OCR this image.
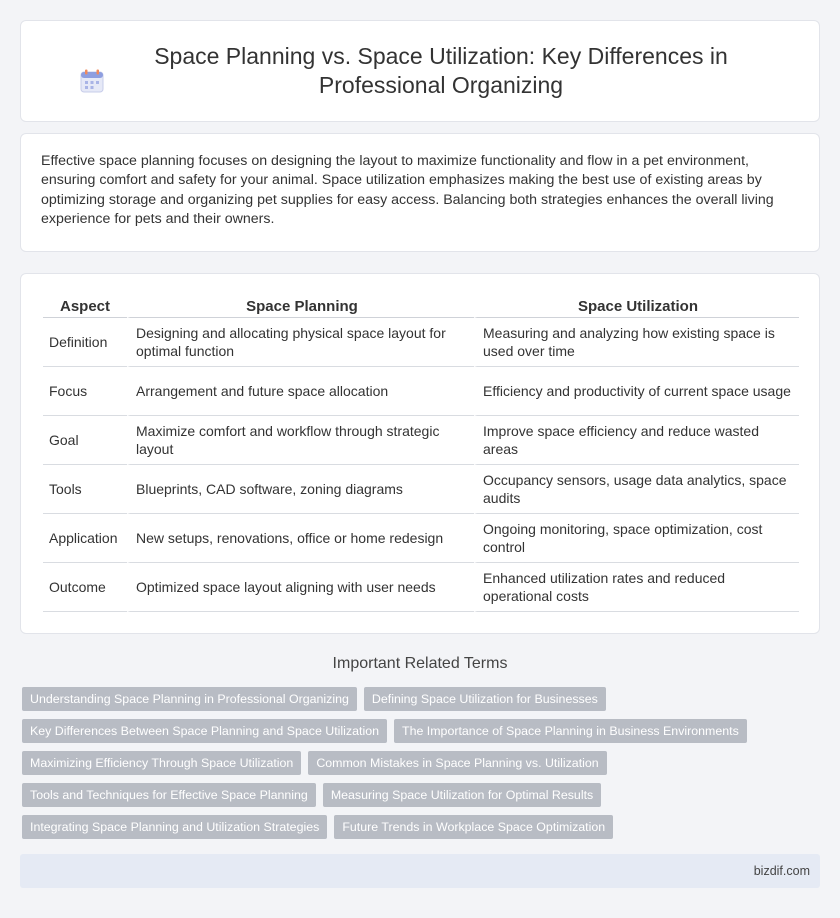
Space Planning vs. Space Utilization: Key Differences in Professional Organizing

Effective space planning focuses on designing the layout to maximize functionality and flow in a pet environment, ensuring comfort and safety for your animal. Space utilization emphasizes making the best use of existing areas by optimizing storage and organizing pet supplies for easy access. Balancing both strategies enhances the overall living experience for pets and their owners.

Aspect	Space Planning	Space Utilization
Definition	Designing and allocating physical space layout for optimal function	Measuring and analyzing how existing space is used over time
Focus	Arrangement and future space allocation	Efficiency and productivity of current space usage
Goal	Maximize comfort and workflow through strategic layout	Improve space efficiency and reduce wasted areas
Tools	Blueprints, CAD software, zoning diagrams	Occupancy sensors, usage data analytics, space audits
Application	New setups, renovations, office or home redesign	Ongoing monitoring, space optimization, cost control
Outcome	Optimized space layout aligning with user needs	Enhanced utilization rates and reduced operational costs
Important Related Terms
Understanding Space Planning in Professional Organizing	Defining Space Utilization for Businesses
Key Differences Between Space Planning and Space Utilization	The Importance of Space Planning in Business Environments
Maximizing Efficiency Through Space Utilization	Common Mistakes in Space Planning vs. Utilization
Tools and Techniques for Effective Space Planning	Measuring Space Utilization for Optimal Results
Integrating Space Planning and Utilization Strategies	Future Trends in Workplace Space Optimization
bizdif.com
